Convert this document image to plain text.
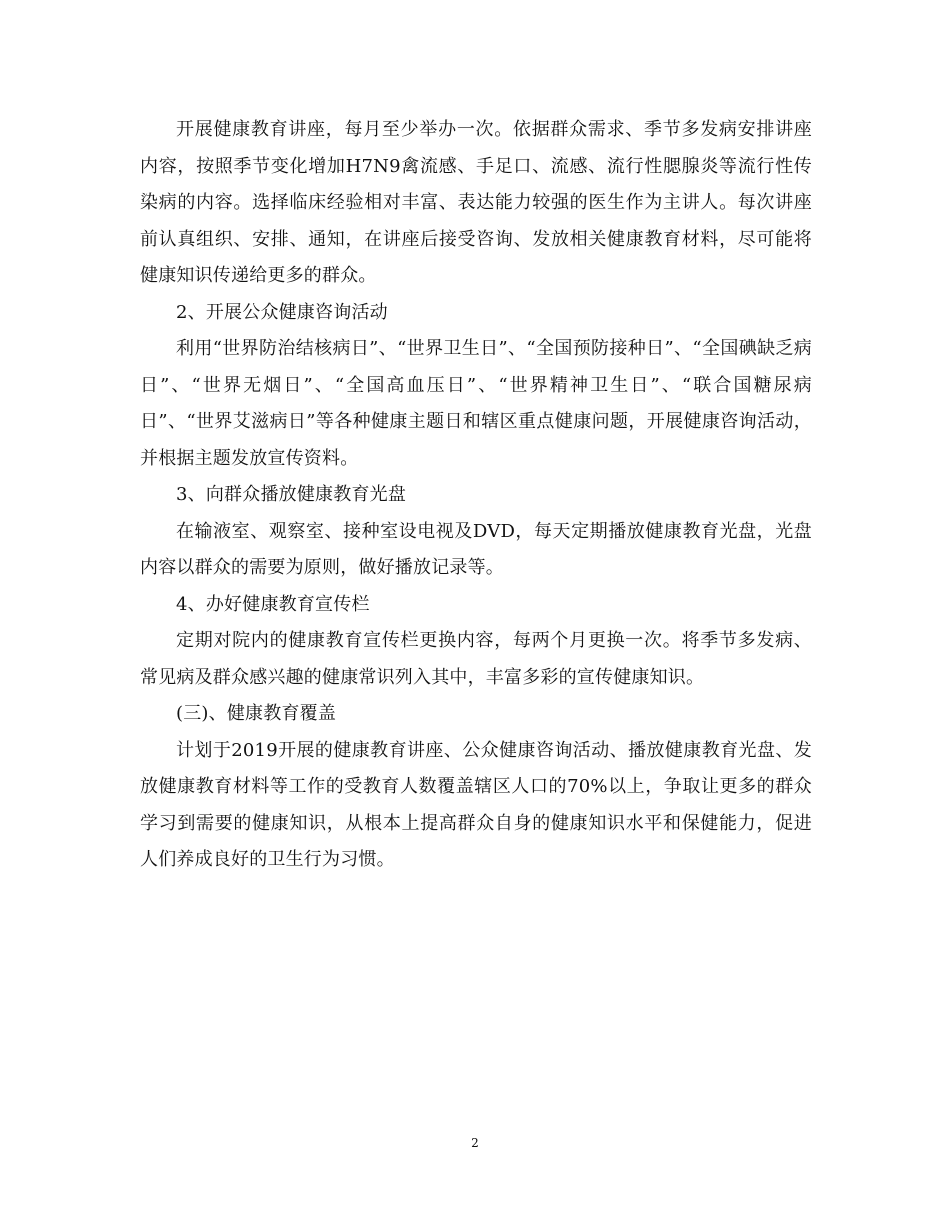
开展健康教育讲座，每月至少举办一次。依据群众需求、季节多发病安排讲座内容，按照季节变化增加H7N9禽流感、手足口、流感、流行性腮腺炎等流行性传染病的内容。选择临床经验相对丰富、表达能力较强的医生作为主讲人。每次讲座前认真组织、安排、通知，在讲座后接受咨询、发放相关健康教育材料，尽可能将健康知识传递给更多的群众。

2、开展公众健康咨询活动

利用“世界防治结核病日”、“世界卫生日”、“全国预防接种日”、“全国碘缺乏病日”、“世界无烟日”、“全国高血压日”、“世界精神卫生日”、“联合国糖尿病日”、“世界艾滋病日”等各种健康主题日和辖区重点健康问题，开展健康咨询活动，并根据主题发放宣传资料。

3、向群众播放健康教育光盘

在输液室、观察室、接种室设电视及DVD，每天定期播放健康教育光盘，光盘内容以群众的需要为原则，做好播放记录等。

4、办好健康教育宣传栏

定期对院内的健康教育宣传栏更换内容，每两个月更换一次。将季节多发病、常见病及群众感兴趣的健康常识列入其中，丰富多彩的宣传健康知识。

(三)、健康教育覆盖

计划于2019开展的健康教育讲座、公众健康咨询活动、播放健康教育光盘、发放健康教育材料等工作的受教育人数覆盖辖区人口的70%以上，争取让更多的群众学习到需要的健康知识，从根本上提高群众自身的健康知识水平和保健能力，促进人们养成良好的卫生行为习惯。

2
